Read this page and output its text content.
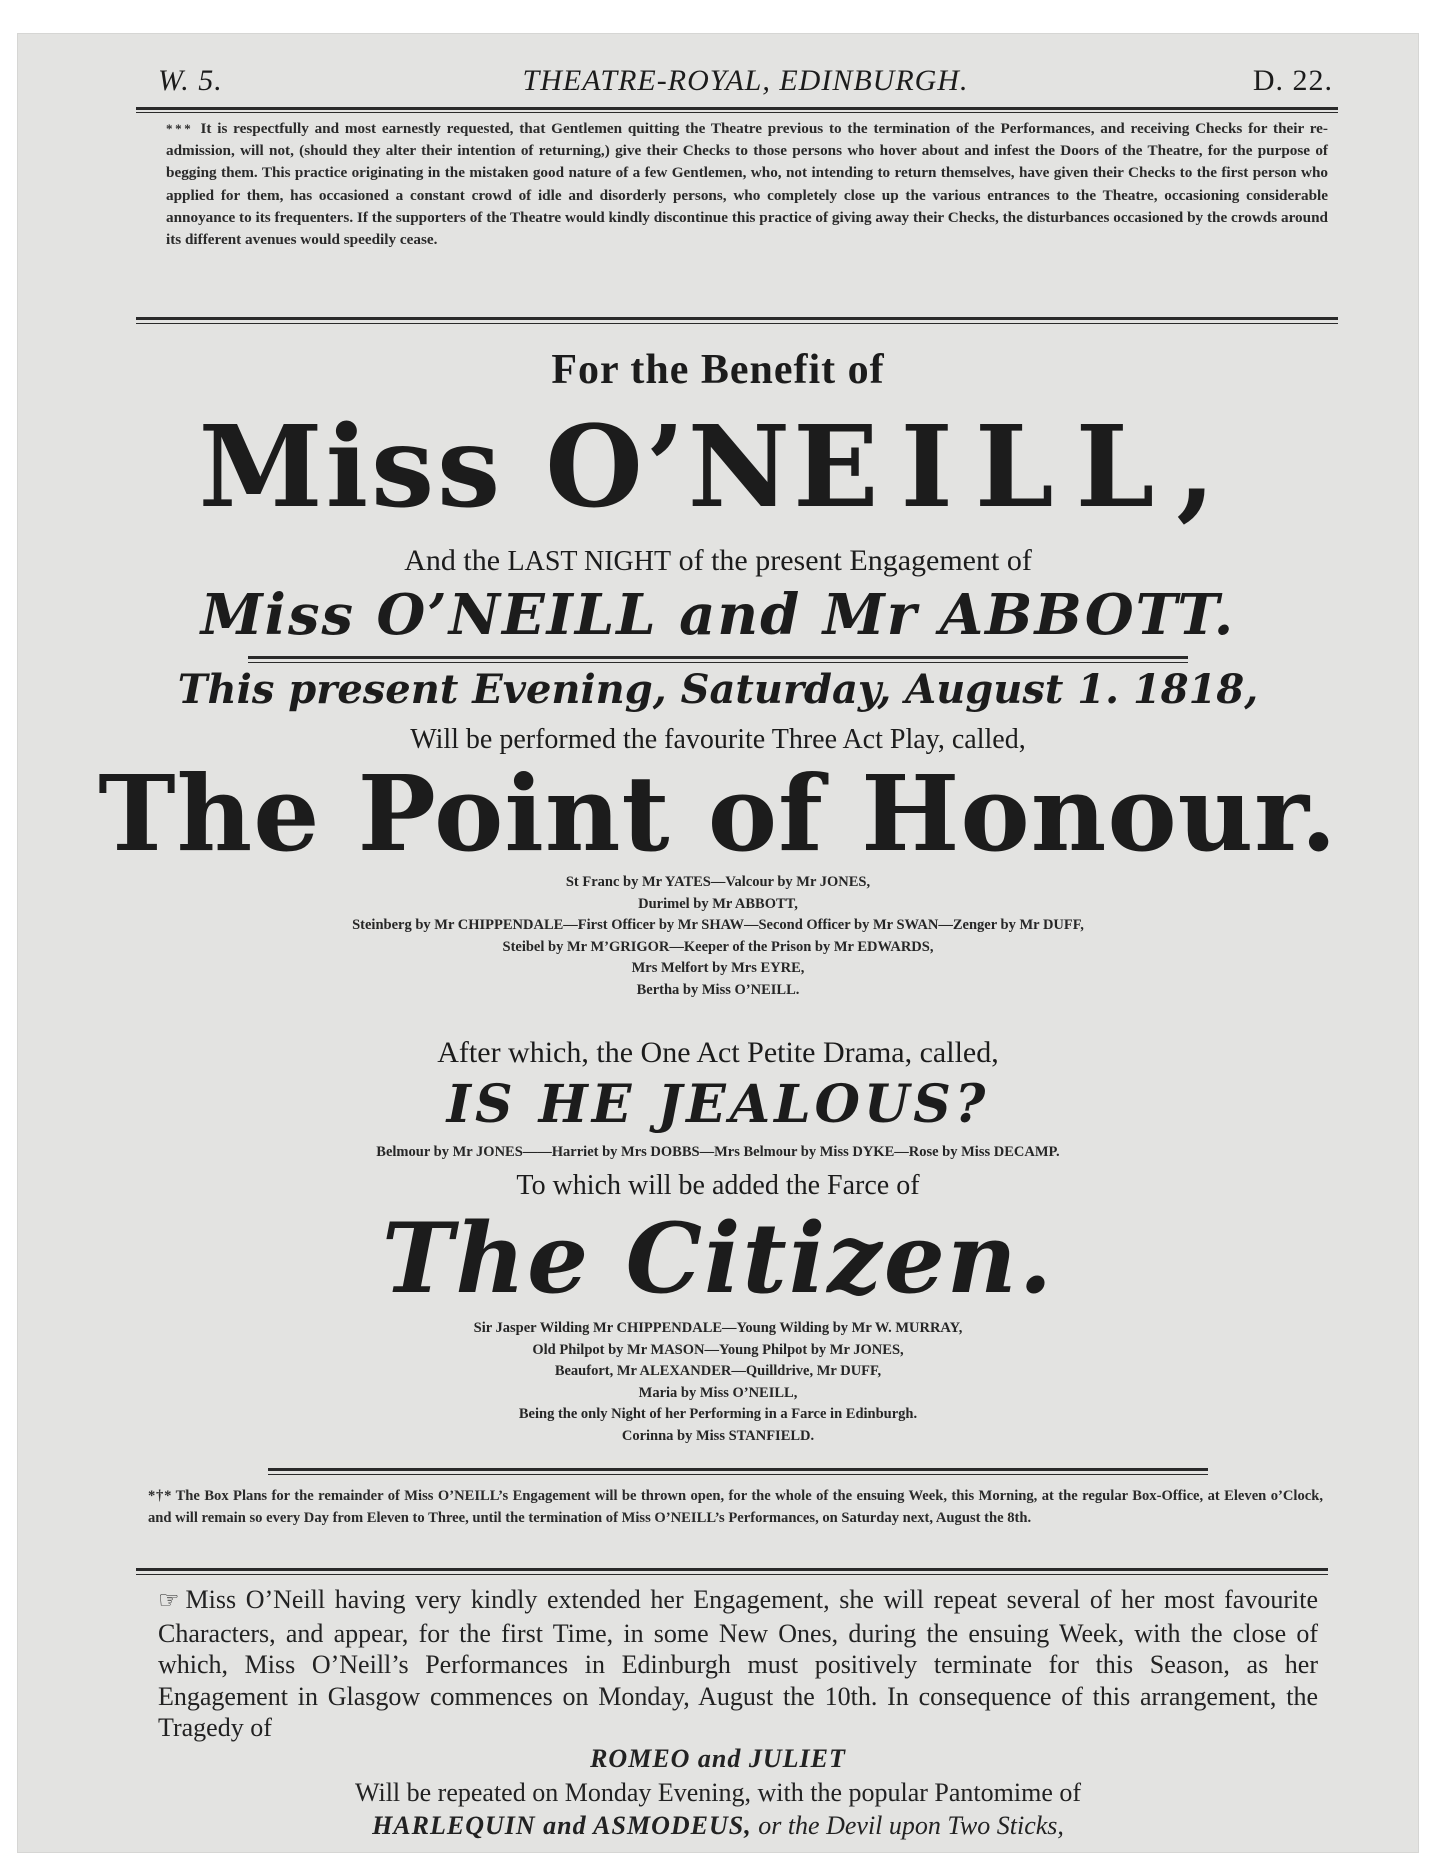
W. 5.	THEATRE-ROYAL, EDINBURGH.	D. 22.
* * * It is respectfully and most earnestly requested, that Gentlemen quitting the Theatre previous to the termination of the Performances, and receiving Checks for their re-admission, will not, (should they alter their intention of returning,) give their Checks to those persons who hover about and infest the Doors of the Theatre, for the purpose of begging them. This practice originating in the mistaken good nature of a few Gentlemen, who, not intending to return themselves, have given their Checks to the first person who applied for them, has occasioned a constant crowd of idle and disorderly persons, who completely close up the various entrances to the Theatre, occasioning considerable annoyance to its frequenters. If the supporters of the Theatre would kindly discontinue this practice of giving away their Checks, the disturbances occasioned by the crowds around its different avenues would speedily cease.
For the Benefit of
Miss O’NEILL,
And the LAST NIGHT of the present Engagement of
Miss O’NEILL and Mr ABBOTT.
This present Evening, Saturday, August 1. 1818,
Will be performed the favourite Three Act Play, called,
The Point of Honour.
St Franc by Mr YATES—Valcour by Mr JONES,
Durimel by Mr ABBOTT,
Steinberg by Mr CHIPPENDALE—First Officer by Mr SHAW—Second Officer by Mr SWAN—Zenger by Mr DUFF,
Steibel by Mr M’GRIGOR—Keeper of the Prison by Mr EDWARDS,
Mrs Melfort by Mrs EYRE,
Bertha by Miss O’NEILL.
After which, the One Act Petite Drama, called,
IS HE JEALOUS?
Belmour by Mr JONES——Harriet by Mrs DOBBS—Mrs Belmour by Miss DYKE—Rose by Miss DECAMP.
To which will be added the Farce of
The Citizen.
Sir Jasper Wilding Mr CHIPPENDALE—Young Wilding by Mr W. MURRAY,
Old Philpot by Mr MASON—Young Philpot by Mr JONES,
Beaufort, Mr ALEXANDER—Quilldrive, Mr DUFF,
Maria by Miss O’NEILL,
Being the only Night of her Performing in a Farce in Edinburgh.
Corinna by Miss STANFIELD.
*†* The Box Plans for the remainder of Miss O’NEILL’s Engagement will be thrown open, for the whole of the ensuing Week, this Morning, at the regular Box-Office, at Eleven o’Clock, and will remain so every Day from Eleven to Three, until the termination of Miss O’NEILL’s Performances, on Saturday next, August the 8th.
☞ Miss O’Neill having very kindly extended her Engagement, she will repeat several of her most favourite Characters, and appear, for the first Time, in some New Ones, during the ensuing Week, with the close of which, Miss O’Neill’s Performances in Edinburgh must positively terminate for this Season, as her Engagement in Glasgow commences on Monday, August the 10th. In consequence of this arrangement, the Tragedy of
ROMEO and JULIET
Will be repeated on Monday Evening, with the popular Pantomime of
HARLEQUIN and ASMODEUS, or the Devil upon Two Sticks,
